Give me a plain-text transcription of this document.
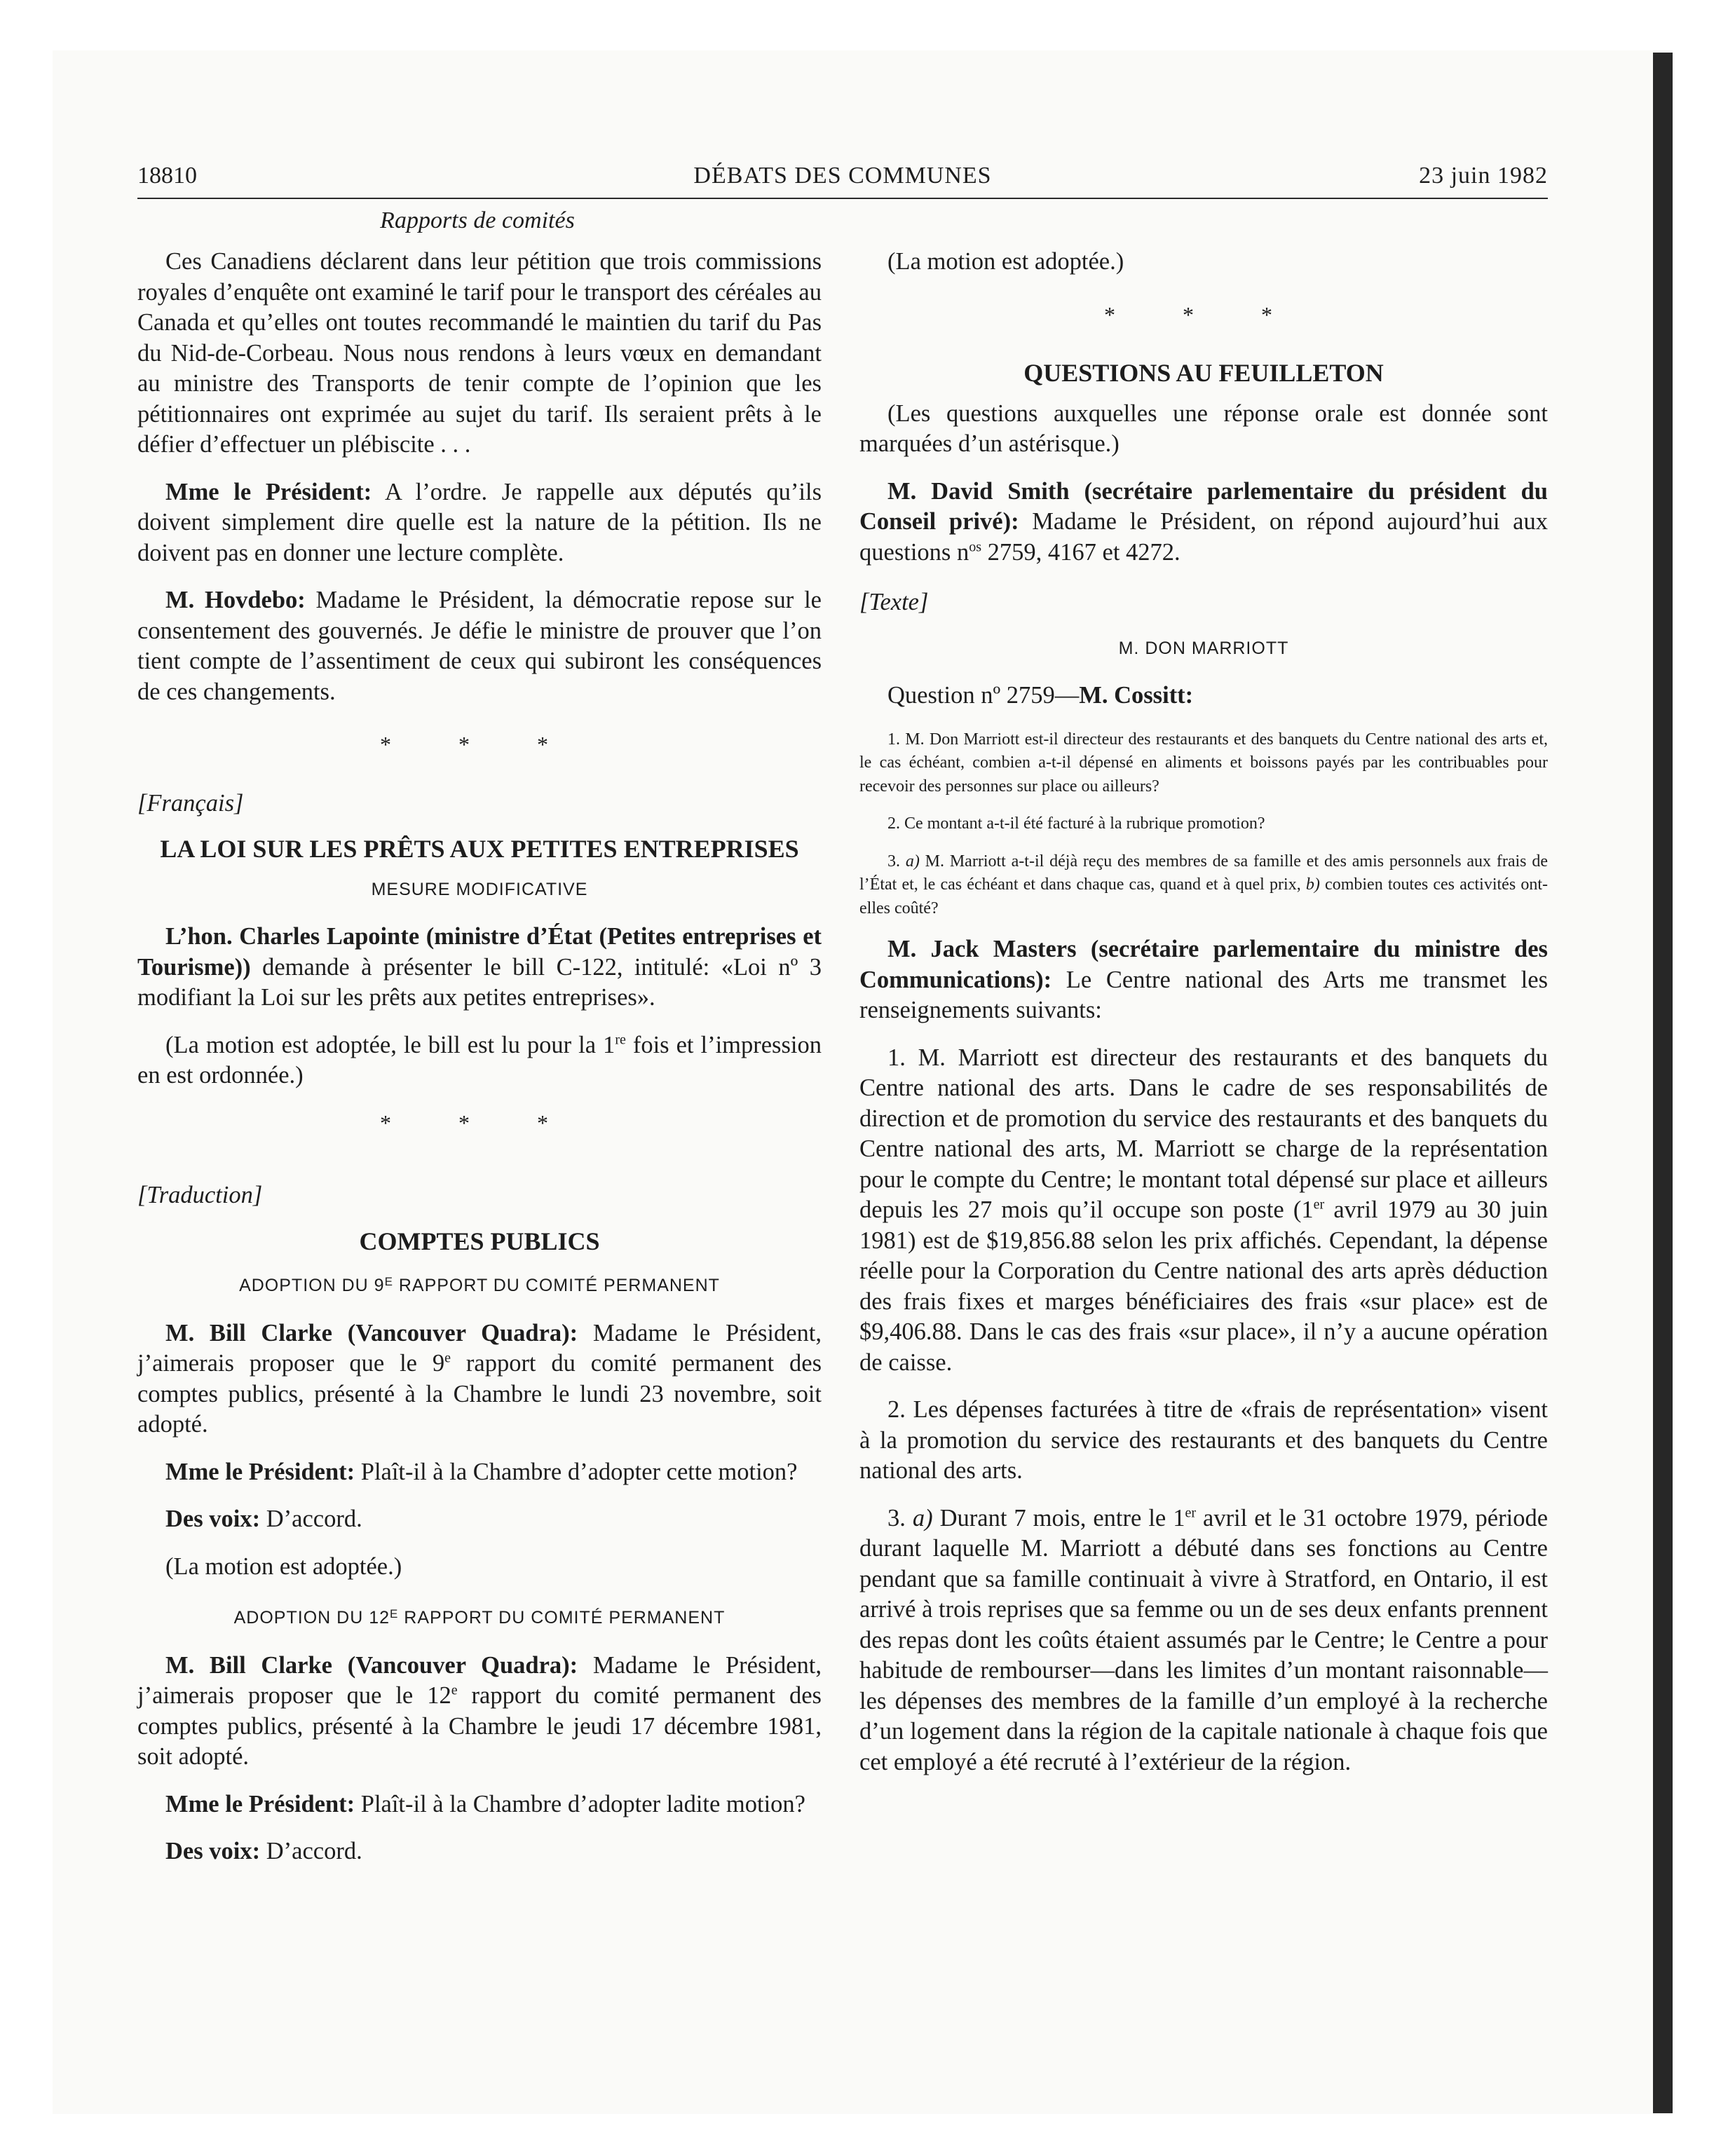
18810	DÉBATS DES COMMUNES	23 juin 1982
Rapports de comités

Ces Canadiens déclarent dans leur pétition que trois commissions royales d’enquête ont examiné le tarif pour le transport des céréales au Canada et qu’elles ont toutes recommandé le maintien du tarif du Pas du Nid-de-Corbeau. Nous nous rendons à leurs vœux en demandant au ministre des Transports de tenir compte de l’opinion que les pétitionnaires ont exprimée au sujet du tarif. Ils seraient prêts à le défier d’effectuer un plébiscite . . .

Mme le Président: A l’ordre. Je rappelle aux députés qu’ils doivent simplement dire quelle est la nature de la pétition. Ils ne doivent pas en donner une lecture complète.

M. Hovdebo: Madame le Président, la démocratie repose sur le consentement des gouvernés. Je défie le ministre de prouver que l’on tient compte de l’assentiment de ceux qui subiront les conséquences de ces changements.

* * *

[Français]

LA LOI SUR LES PRÊTS AUX PETITES ENTREPRISES
MESURE MODIFICATIVE

L’hon. Charles Lapointe (ministre d’État (Petites entreprises et Tourisme)) demande à présenter le bill C-122, intitulé: «Loi nº 3 modifiant la Loi sur les prêts aux petites entreprises».

(La motion est adoptée, le bill est lu pour la 1re fois et l’impression en est ordonnée.)

* * *

[Traduction]

COMPTES PUBLICS
ADOPTION DU $9^E$ RAPPORT DU COMITÉ PERMANENT

M. Bill Clarke (Vancouver Quadra): Madame le Président, j’aimerais proposer que le 9e rapport du comité permanent des comptes publics, présenté à la Chambre le lundi 23 novembre, soit adopté.

Mme le Président: Plaît-il à la Chambre d’adopter cette motion?

Des voix: D’accord.

(La motion est adoptée.)

ADOPTION DU $12^E$ RAPPORT DU COMITÉ PERMANENT

M. Bill Clarke (Vancouver Quadra): Madame le Président, j’aimerais proposer que le 12e rapport du comité permanent des comptes publics, présenté à la Chambre le jeudi 17 décembre 1981, soit adopté.

Mme le Président: Plaît-il à la Chambre d’adopter ladite motion?

Des voix: D’accord.

(La motion est adoptée.)

* * *
QUESTIONS AU FEUILLETON

(Les questions auxquelles une réponse orale est donnée sont marquées d’un astérisque.)

M. David Smith (secrétaire parlementaire du président du Conseil privé): Madame le Président, on répond aujourd’hui aux questions $n^{os}$ 2759, 4167 et 4272.

[Texte]

M. DON MARRIOTT

Question nº 2759—M. Cossitt:

1. M. Don Marriott est-il directeur des restaurants et des banquets du Centre national des arts et, le cas échéant, combien a-t-il dépensé en aliments et boissons payés par les contribuables pour recevoir des personnes sur place ou ailleurs?

2. Ce montant a-t-il été facturé à la rubrique promotion?

3. a) M. Marriott a-t-il déjà reçu des membres de sa famille et des amis personnels aux frais de l’État et, le cas échéant et dans chaque cas, quand et à quel prix, b) combien toutes ces activités ont-elles coûté?

M. Jack Masters (secrétaire parlementaire du ministre des Communications): Le Centre national des Arts me transmet les renseignements suivants:

1. M. Marriott est directeur des restaurants et des banquets du Centre national des arts. Dans le cadre de ses responsabilités de direction et de promotion du service des restaurants et des banquets du Centre national des arts, M. Marriott se charge de la représentation pour le compte du Centre; le montant total dépensé sur place et ailleurs depuis les 27 mois qu’il occupe son poste (1er avril 1979 au 30 juin 1981) est de $19,856.88 selon les prix affichés. Cependant, la dépense réelle pour la Corporation du Centre national des arts après déduction des frais fixes et marges bénéficiaires des frais «sur place» est de $9,406.88. Dans le cas des frais «sur place», il n’y a aucune opération de caisse.

2. Les dépenses facturées à titre de «frais de représentation» visent à la promotion du service des restaurants et des banquets du Centre national des arts.

3. a) Durant 7 mois, entre le 1er avril et le 31 octobre 1979, période durant laquelle M. Marriott a débuté dans ses fonctions au Centre pendant que sa famille continuait à vivre à Stratford, en Ontario, il est arrivé à trois reprises que sa femme ou un de ses deux enfants prennent des repas dont les coûts étaient assumés par le Centre; le Centre a pour habitude de rembourser—dans les limites d’un montant raisonnable—les dépenses des membres de la famille d’un employé à la recherche d’un logement dans la région de la capitale nationale à chaque fois que cet employé a été recruté à l’extérieur de la région.
